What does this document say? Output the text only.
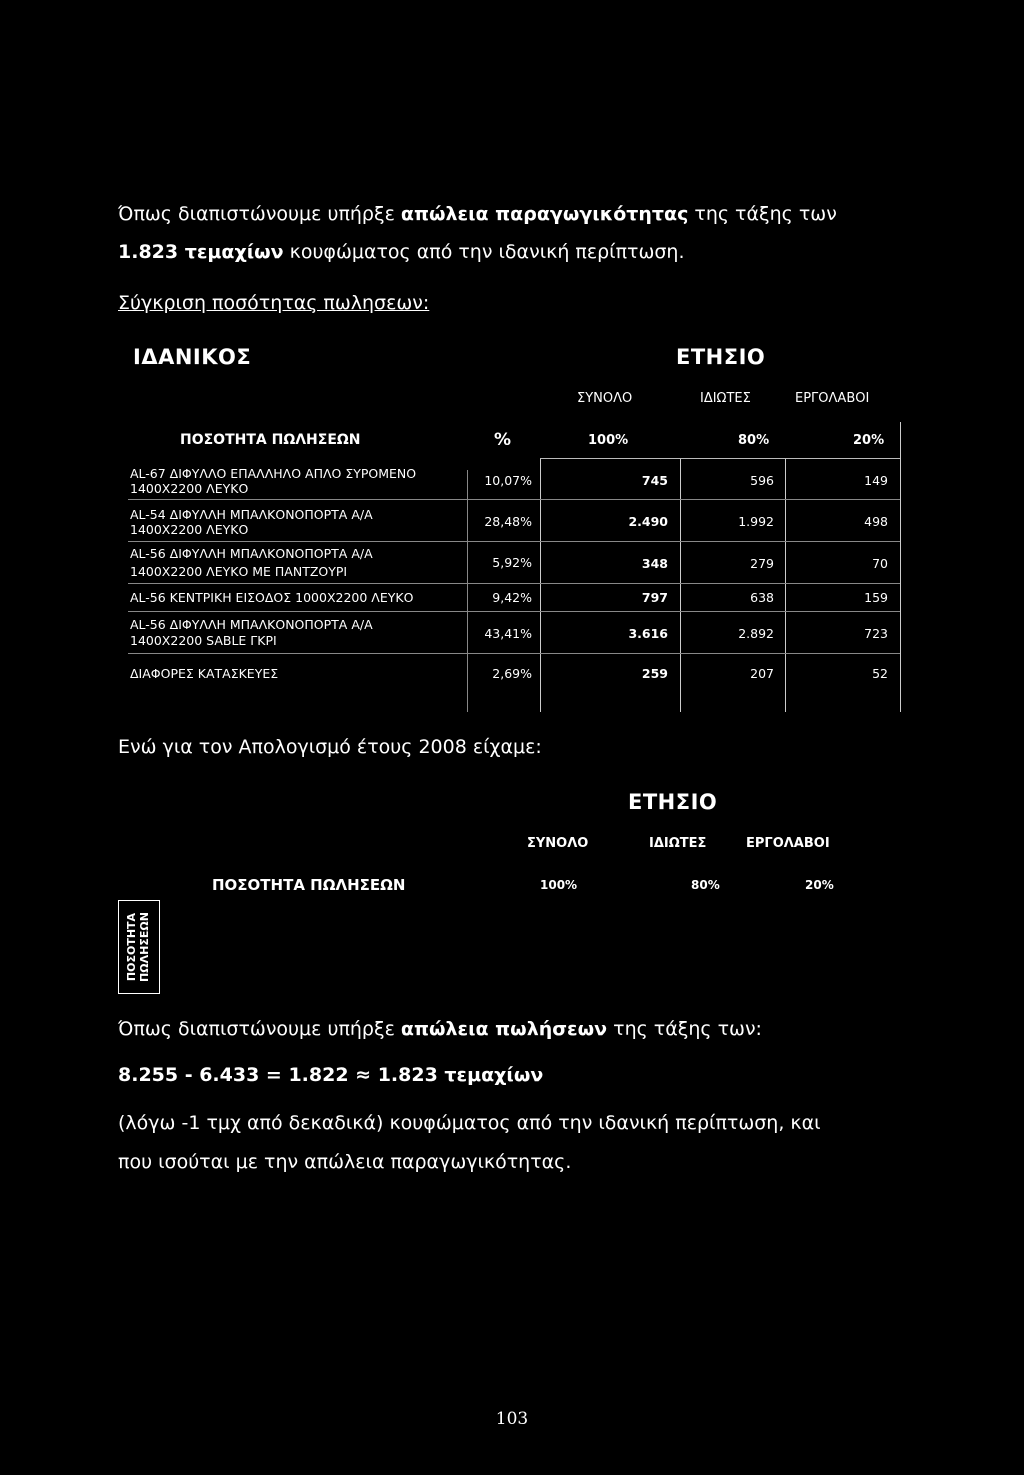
Όπως διαπιστώνουμε υπήρξε απώλεια παραγωγικότητας της τάξης των
1.823 τεμαχίων κουφώματος από την ιδανική περίπτωση.
Σύγκριση ποσότητας πωλησεων:
ΙΔΑΝΙΚΟΣ	ΕΤΗΣΙΟ
ΣΥΝΟΛΟ	ΙΔΙΩΤΕΣ	ΕΡΓΟΛΑΒΟΙ
ΠΟΣΟΤΗΤΑ ΠΩΛΗΣΕΩΝ	%	100%	80%	20%
AL-67 ΔΙΦΥΛΛΟ ΕΠΑΛΛΗΛΟ ΑΠΛΟ ΣΥΡΟΜΕΝΟ
1400Χ2200 ΛΕΥΚΟ
10,07%	745	596	149
AL-54 ΔΙΦΥΛΛΗ ΜΠΑΛΚΟΝΟΠΟΡΤΑ Α/Α
1400Χ2200 ΛΕΥΚΟ
28,48%	2.490	1.992	498
AL-56 ΔΙΦΥΛΛΗ ΜΠΑΛΚΟΝΟΠΟΡΤΑ Α/Α
1400Χ2200 ΛΕΥΚΟ ΜΕ ΠΑΝΤΖΟΥΡΙ
5,92%	348	279	70
AL-56 ΚΕΝΤΡΙΚΗ ΕΙΣΟΔΟΣ 1000Χ2200 ΛΕΥΚΟ	9,42%	797	638	159
AL-56 ΔΙΦΥΛΛΗ ΜΠΑΛΚΟΝΟΠΟΡΤΑ Α/Α
1400Χ2200 SABLE ΓΚΡΙ	43,41%	3.616	2.892	723
ΔΙΑΦΟΡΕΣ ΚΑΤΑΣΚΕΥΕΣ	2,69%	259	207	52
Ενώ για τον Απολογισμό έτους 2008 είχαμε:
ΕΤΗΣΙΟ
ΣΥΝΟΛΟ	ΙΔΙΩΤΕΣ	ΕΡΓΟΛΑΒΟΙ
ΠΟΣΟΤΗΤΑ ΠΩΛΗΣΕΩΝ	100%	80%	20%
ΠΟΣΟΤΗΤΑ ΠΩΛΗΣΕΩΝ
Όπως διαπιστώνουμε υπήρξε απώλεια πωλήσεων της τάξης των:
8.255 - 6.433 = 1.822 ≈ 1.823 τεμαχίων
(λόγω -1 τμχ από δεκαδικά) κουφώματος από την ιδανική περίπτωση, και
που ισούται με την απώλεια παραγωγικότητας.
103
